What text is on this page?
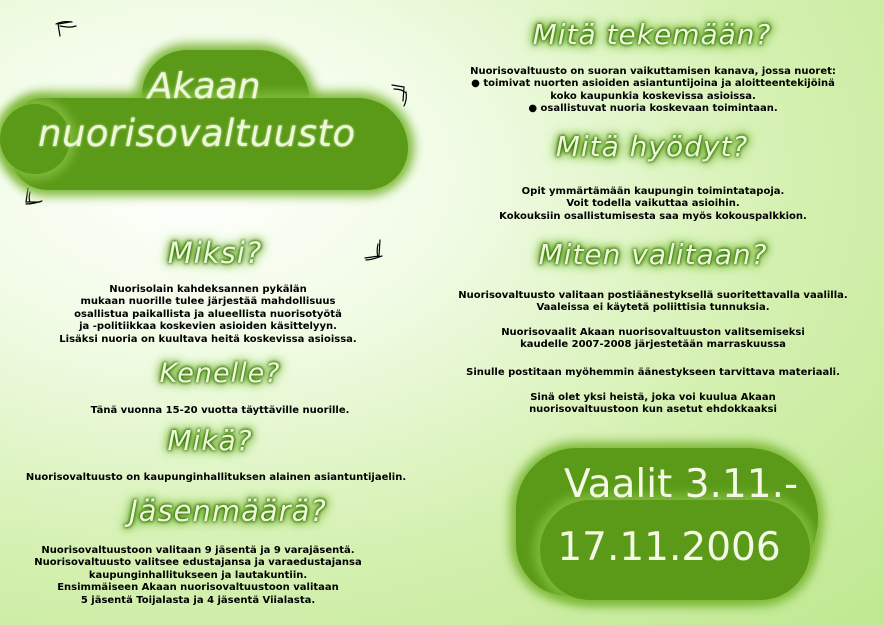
Akaan
nuorisovaltuusto
Miksi?
Nuorisolain kahdeksannen pykälän
mukaan nuorille tulee järjestää mahdollisuus
osallistua paikallista ja alueellista nuorisotyötä
ja -politiikkaa koskevien asioiden käsittelyyn.
Lisäksi nuoria on kuultava heitä koskevissa asioissa.
Kenelle?
Tänä vuonna 15-20 vuotta täyttäville nuorille.
Mikä?
Nuorisovaltuusto on kaupunginhallituksen alainen asiantuntijaelin.
Jäsenmäärä?
Nuorisovaltuustoon valitaan 9 jäsentä ja 9 varajäsentä.
Nuorisovaltuusto valitsee edustajansa ja varaedustajansa
kaupunginhallitukseen ja lautakuntiin.
Ensimmäiseen Akaan nuorisovaltuustoon valitaan
5 jäsentä Toijalasta ja 4 jäsentä Viialasta.
Mitä tekemään?
Nuorisovaltuusto on suoran vaikuttamisen kanava, jossa nuoret:
● toimivat nuorten asioiden asiantuntijoina ja aloitteentekijöinä
koko kaupunkia koskevissa asioissa.
● osallistuvat nuoria koskevaan toimintaan.
Mitä hyödyt?
Opit ymmärtämään kaupungin toimintatapoja.
Voit todella vaikuttaa asioihin.
Kokouksiin osallistumisesta saa myös kokouspalkkion.
Miten valitaan?
Nuorisovaltuusto valitaan postiäänestyksellä suoritettavalla vaalilla.
Vaaleissa ei käytetä poliittisia tunnuksia.
Nuorisovaalit Akaan nuorisovaltuuston valitsemiseksi
kaudelle 2007-2008 järjestetään marraskuussa
Sinulle postitaan myöhemmin äänestykseen tarvittava materiaali.
Sinä olet yksi heistä, joka voi kuulua Akaan
nuorisovaltuustoon kun asetut ehdokkaaksi
Vaalit 3.11.-
17.11.2006
